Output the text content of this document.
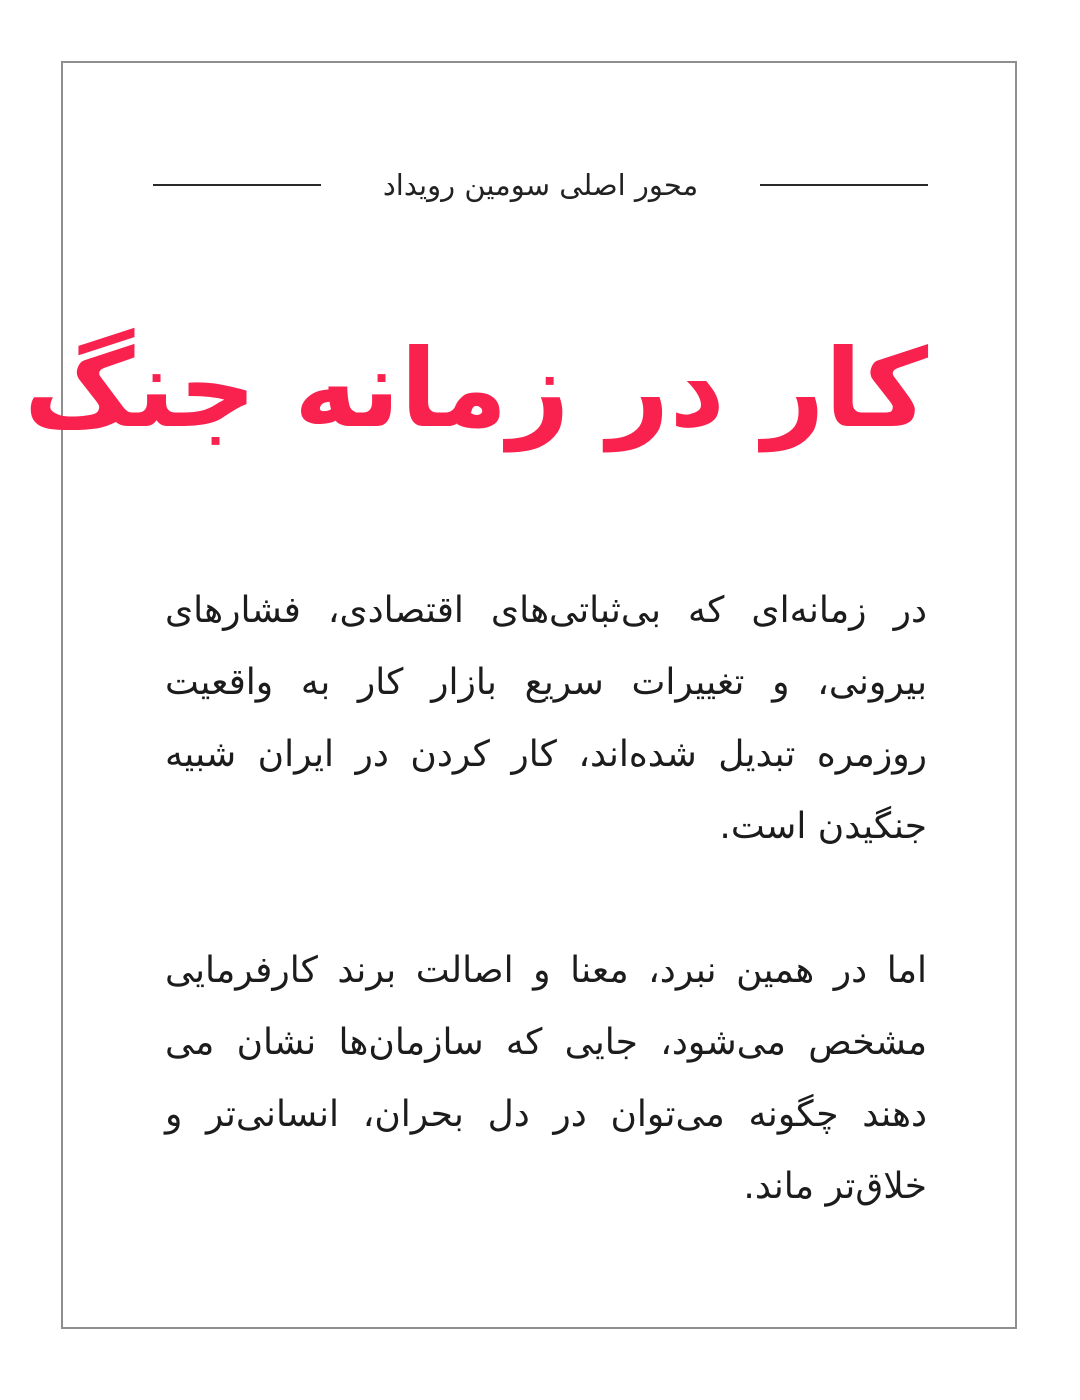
محور اصلی سومین رویداد
کار در زمانه جنگ

در زمانه‌ای که بی‌ثباتی‌های اقتصادی، فشارهای بیرونی، و تغییرات سریع بازار کار به واقعیت روزمره تبدیل شده‌اند، کار کردن در ایران شبیه جنگیدن است.

اما در همین نبرد، معنا و اصالت برند کارفرمایی مشخص می‌شود، جایی که سازمان‌ها نشان می دهند چگونه می‌توان در دل بحران، انسانی‌تر و خلاق‌تر ماند.
